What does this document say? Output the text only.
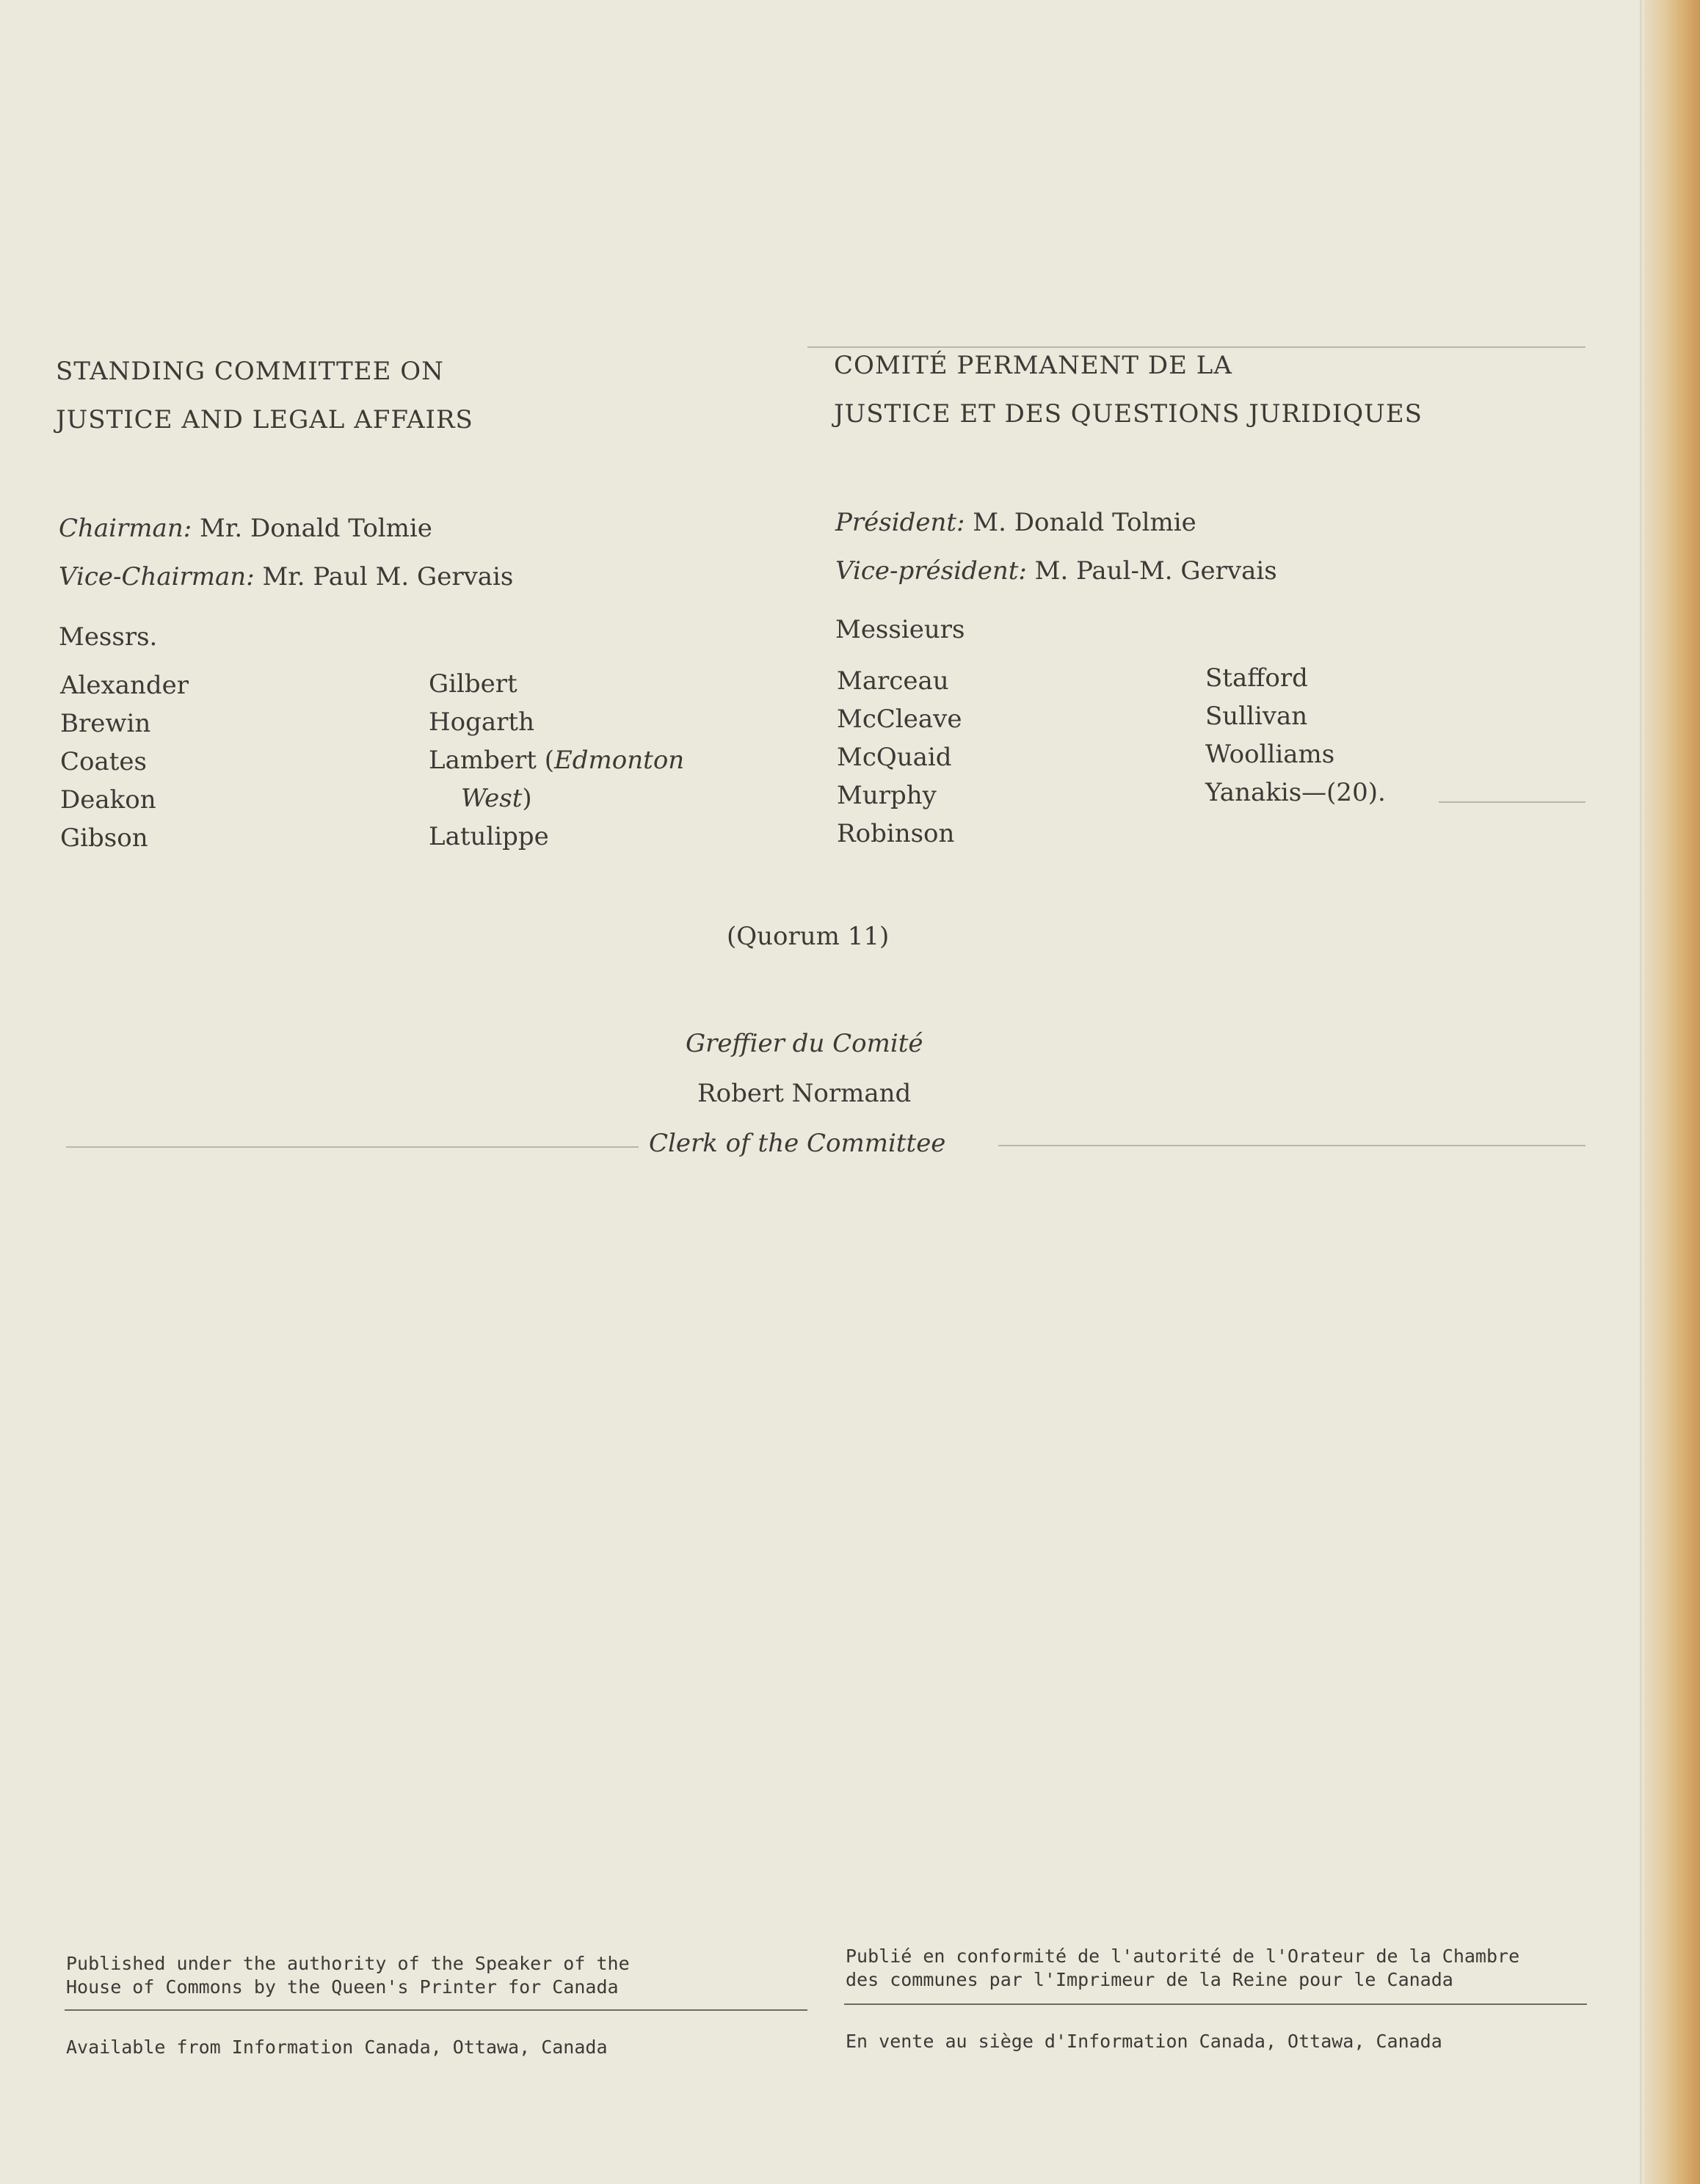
STANDING COMMITTEE ON
JUSTICE AND LEGAL AFFAIRS
Chairman: Mr. Donald Tolmie
Vice-Chairman: Mr. Paul M. Gervais
Messrs.
Alexander
Brewin
Coates
Deakon
Gibson
Gilbert
Hogarth
Lambert (Edmonton
West)
Latulippe
COMITÉ PERMANENT DE LA
JUSTICE ET DES QUESTIONS JURIDIQUES
Président: M. Donald Tolmie
Vice-président: M. Paul-M. Gervais
Messieurs
Marceau
McCleave
McQuaid
Murphy
Robinson
Stafford
Sullivan
Woolliams
Yanakis—(20).
(Quorum 11)
Greffier du Comité
Robert Normand
Clerk of the Committee
Published under the authority of the Speaker of the
House of Commons by the Queen's Printer for Canada
Available from Information Canada, Ottawa, Canada
Publié en conformité de l'autorité de l'Orateur de la Chambre
des communes par l'Imprimeur de la Reine pour le Canada
En vente au siège d'Information Canada, Ottawa, Canada
